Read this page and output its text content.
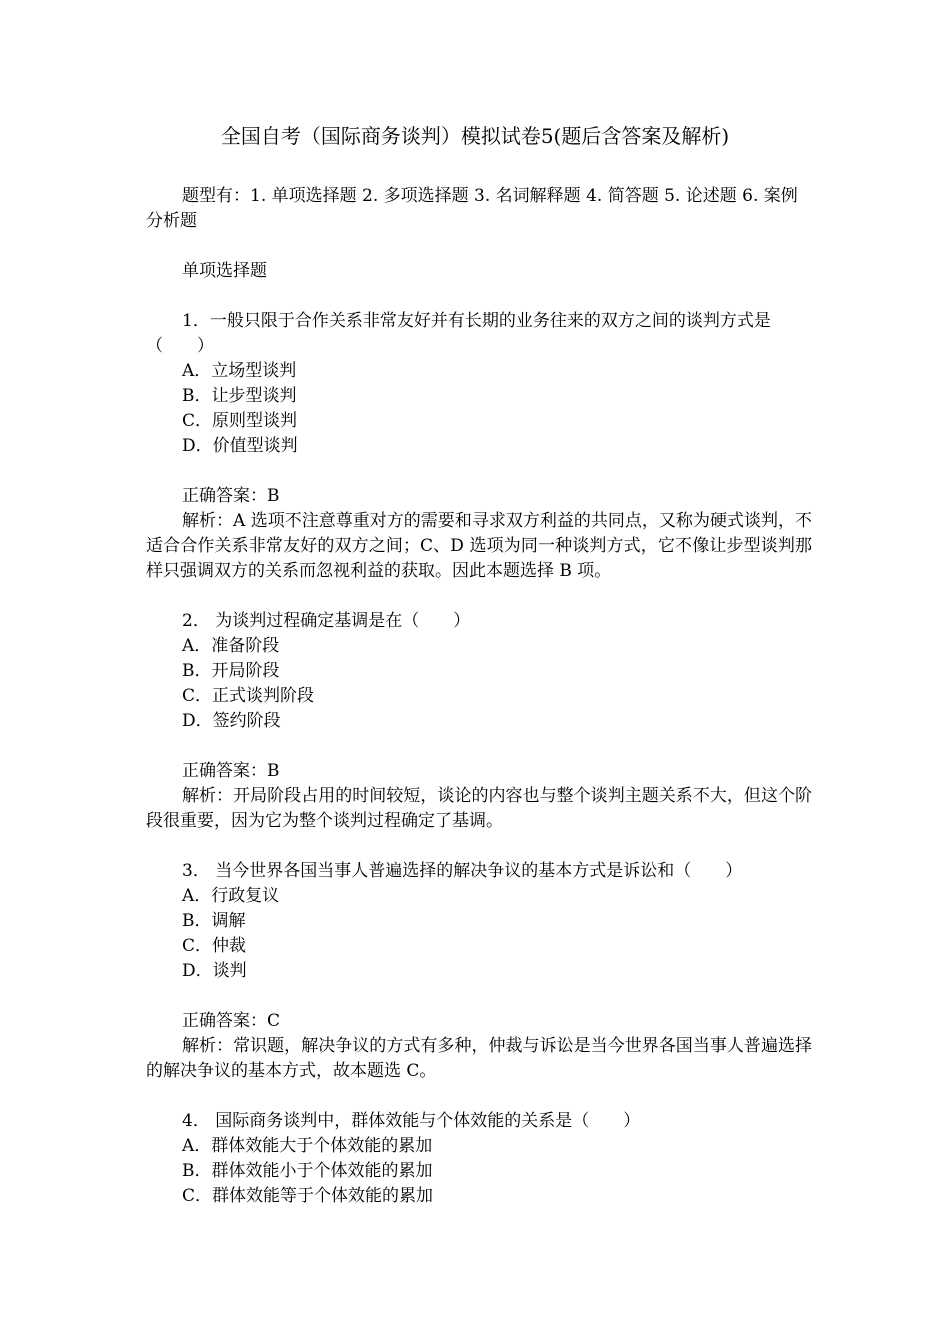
全国自考（国际商务谈判）模拟试卷5(题后含答案及解析)

题型有：1. 单项选择题 2. 多项选择题 3. 名词解释题 4. 简答题 5. 论述题 6. 案例分析题

单项选择题

1．一般只限于合作关系非常友好并有长期的业务往来的双方之间的谈判方式是（　　）

A．立场型谈判
B．让步型谈判
C．原则型谈判
D．价值型谈判

正确答案：B

解析：A 选项不注意尊重对方的需要和寻求双方利益的共同点，又称为硬式谈判，不适合合作关系非常友好的双方之间；C、D 选项为同一种谈判方式，它不像让步型谈判那样只强调双方的关系而忽视利益的获取。因此本题选择 B 项。

2． 为谈判过程确定基调是在（　　）

A．准备阶段
B．开局阶段
C．正式谈判阶段
D．签约阶段

正确答案：B

解析：开局阶段占用的时间较短，谈论的内容也与整个谈判主题关系不大，但这个阶段很重要，因为它为整个谈判过程确定了基调。

3． 当今世界各国当事人普遍选择的解决争议的基本方式是诉讼和（　　）

A．行政复议
B．调解
C．仲裁
D．谈判

正确答案：C

解析：常识题，解决争议的方式有多种，仲裁与诉讼是当今世界各国当事人普遍选择的解决争议的基本方式，故本题选 C。

4． 国际商务谈判中，群体效能与个体效能的关系是（　　）

A．群体效能大于个体效能的累加
B．群体效能小于个体效能的累加
C．群体效能等于个体效能的累加
